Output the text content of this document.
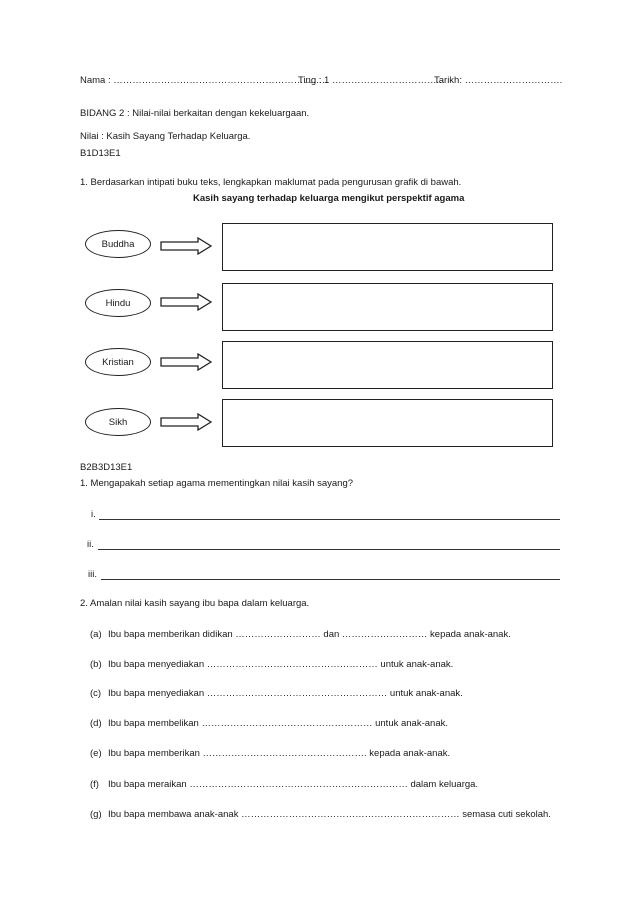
Nama : …………………………………………………………..
Ting : 1 ……………………………..
Tarikh: ………………………….
BIDANG 2 : Nilai-nilai berkaitan dengan kekeluargaan.
Nilai : Kasih Sayang Terhadap Keluarga.
B1D13E1
1. Berdasarkan intipati buku teks, lengkapkan maklumat pada pengurusan grafik di bawah.
Kasih sayang terhadap keluarga mengikut perspektif agama
Buddha
Hindu
Kristian
Sikh
B2B3D13E1
1. Mengapakah setiap agama mementingkan nilai kasih sayang?
i.
ii.
iii.
2. Amalan nilai kasih sayang ibu bapa dalam keluarga.
(a) Ibu bapa memberikan didikan ……………………… dan ……………………… kepada anak-anak.
(b) Ibu bapa menyediakan ……………………………………………… untuk anak-anak.
(c) Ibu bapa menyediakan ………………………………………………… untuk anak-anak.
(d) Ibu bapa membelikan ……………………………………………… untuk anak-anak.
(e) Ibu bapa memberikan ……………………………………………. kepada anak-anak.
(f) Ibu bapa meraikan …………………………………………………………… dalam keluarga.
(g) Ibu bapa membawa anak-anak …………………………………………………………… semasa cuti sekolah.
